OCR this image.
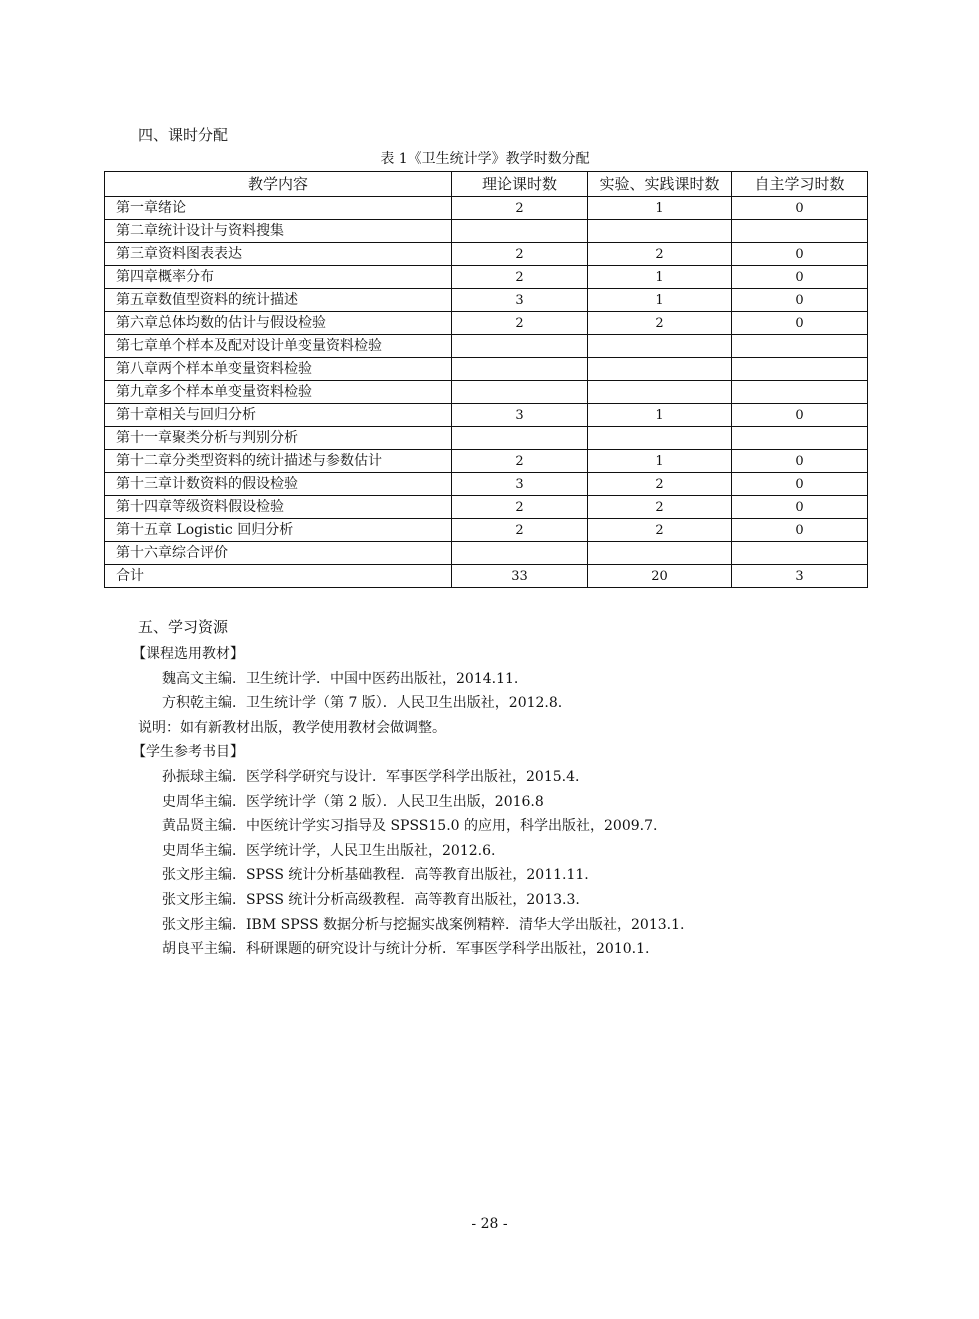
四、课时分配
表 1《卫生统计学》教学时数分配
教学内容	理论课时数	实验、实践课时数	自主学习时数
第一章绪论	2	1	0
第二章统计设计与资料搜集			
第三章资料图表表达	2	2	0
第四章概率分布	2	1	0
第五章数值型资料的统计描述	3	1	0
第六章总体均数的估计与假设检验	2	2	0
第七章单个样本及配对设计单变量资料检验			
第八章两个样本单变量资料检验			
第九章多个样本单变量资料检验			
第十章相关与回归分析	3	1	0
第十一章聚类分析与判别分析			
第十二章分类型资料的统计描述与参数估计	2	1	0
第十三章计数资料的假设检验	3	2	0
第十四章等级资料假设检验	2	2	0
第十五章 Logistic 回归分析	2	2	0
第十六章综合评价			
合计	33	20	3
五、学习资源
【课程选用教材】
魏高文主编．卫生统计学．中国中医药出版社，2014.11.
方积乾主编．卫生统计学（第 7 版）．人民卫生出版社，2012.8.
说明：如有新教材出版，教学使用教材会做调整。
【学生参考书目】
孙振球主编．医学科学研究与设计．军事医学科学出版社，2015.4.
史周华主编．医学统计学（第 2 版）．人民卫生出版，2016.8
黄品贤主编．中医统计学实习指导及 SPSS15.0 的应用，科学出版社，2009.7.
史周华主编．医学统计学，人民卫生出版社，2012.6.
张文彤主编．SPSS 统计分析基础教程．高等教育出版社，2011.11.
张文彤主编．SPSS 统计分析高级教程．高等教育出版社，2013.3.
张文彤主编．IBM SPSS 数据分析与挖掘实战案例精粹．清华大学出版社，2013.1.
胡良平主编．科研课题的研究设计与统计分析．军事医学科学出版社，2010.1.
- 28 -
